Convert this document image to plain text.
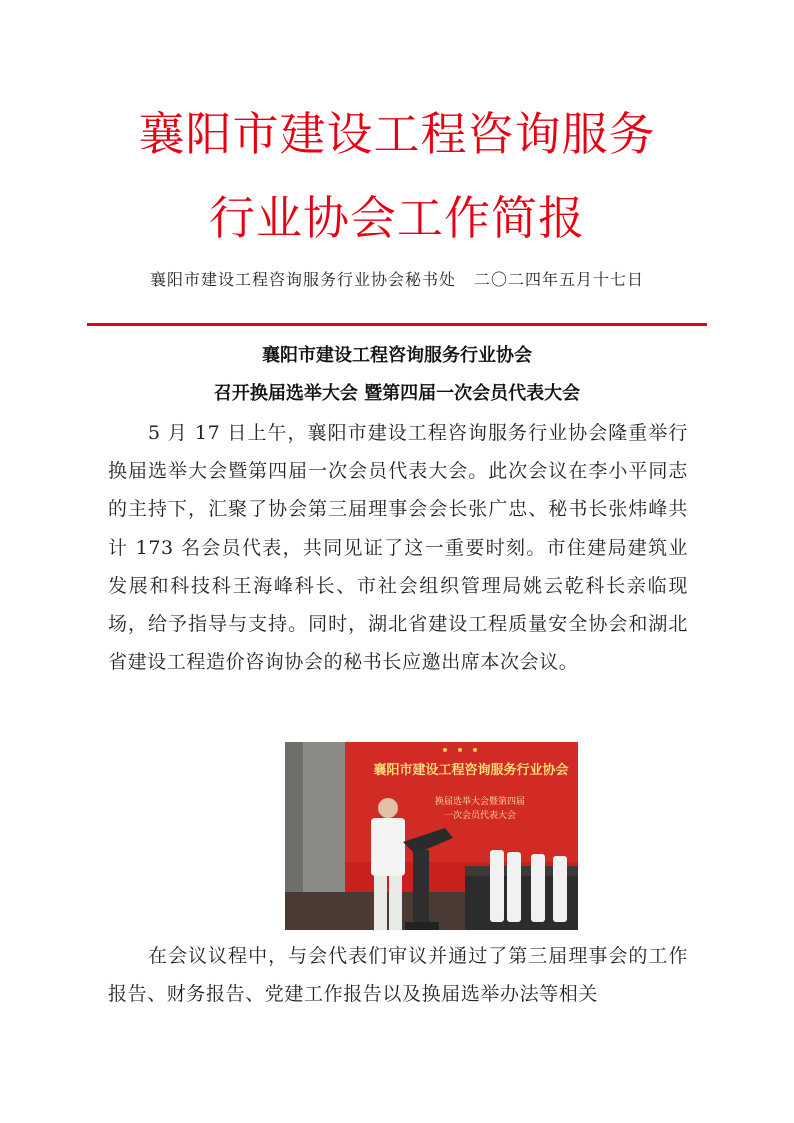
襄阳市建设工程咨询服务
行业协会工作简报
襄阳市建设工程咨询服务行业协会秘书处 二〇二四年五月十七日
襄阳市建设工程咨询服务行业协会
召开换届选举大会 暨第四届一次会员代表大会
5 月 17 日上午，襄阳市建设工程咨询服务行业协会隆重举行换届选举大会暨第四届一次会员代表大会。此次会议在李小平同志的主持下，汇聚了协会第三届理事会会长张广忠、秘书长张炜峰共计 173 名会员代表，共同见证了这一重要时刻。市住建局建筑业发展和科技科王海峰科长、市社会组织管理局姚云乾科长亲临现场，给予指导与支持。同时，湖北省建设工程质量安全协会和湖北省建设工程造价咨询协会的秘书长应邀出席本次会议。
襄阳市建设工程咨询服务行业协会
换届选举大会暨第四届
一次会员代表大会
在会议议程中，与会代表们审议并通过了第三届理事会的工作报告、财务报告、党建工作报告以及换届选举办法等相关
